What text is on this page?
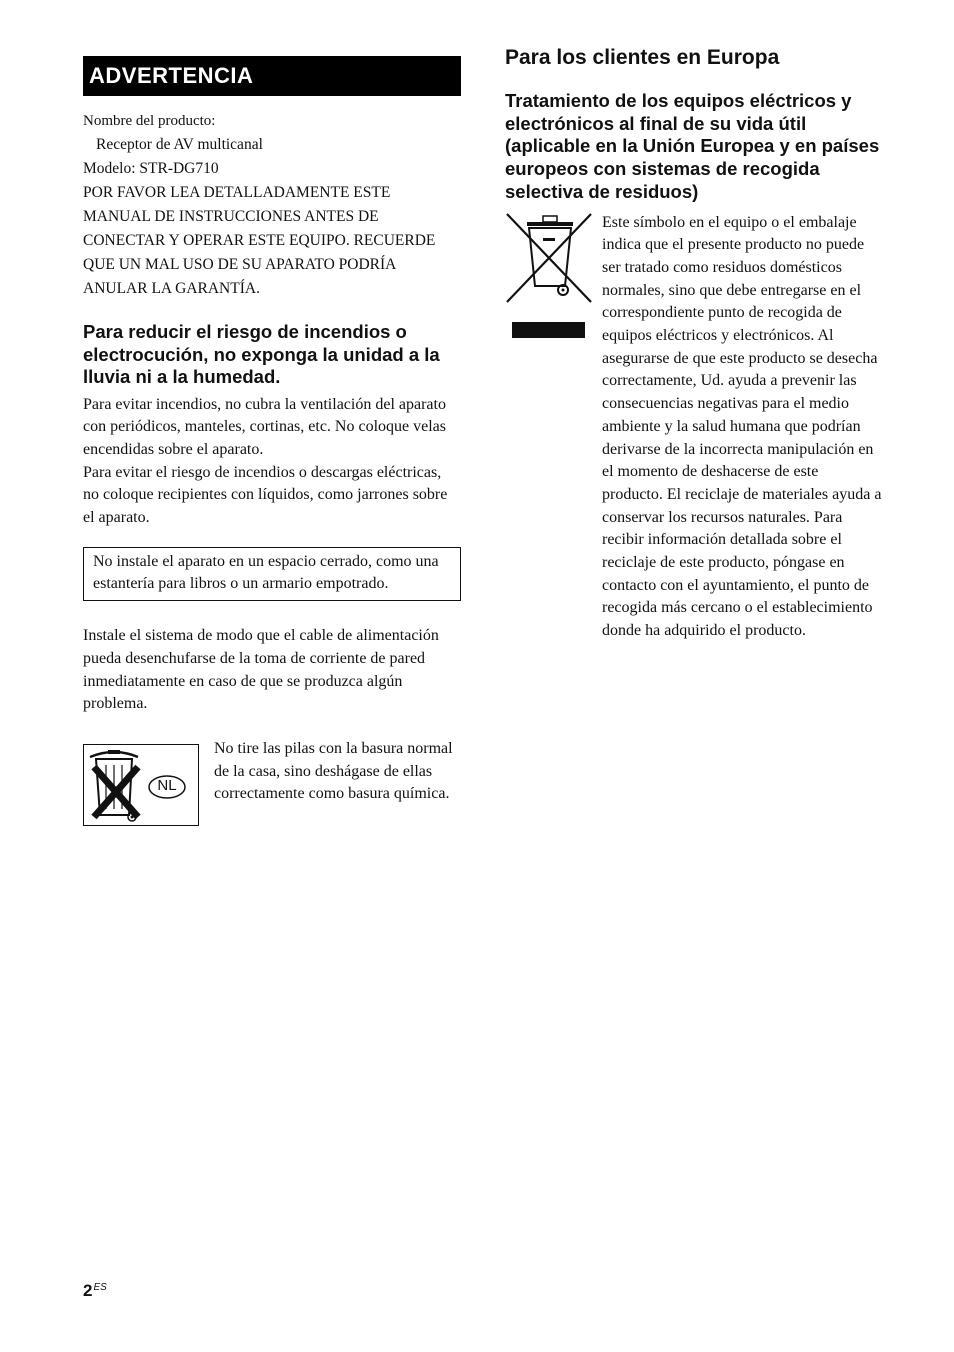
ADVERTENCIA
Nombre del producto:
Receptor de AV multicanal
Modelo: STR-DG710
POR FAVOR LEA DETALLADAMENTE ESTE MANUAL DE INSTRUCCIONES ANTES DE CONECTAR Y OPERAR ESTE EQUIPO. RECUERDE QUE UN MAL USO DE SU APARATO PODRÍA ANULAR LA GARANTÍA.
Para reducir el riesgo de incendios o electrocución, no exponga la unidad a la lluvia ni a la humedad.

Para evitar incendios, no cubra la ventilación del aparato con periódicos, manteles, cortinas, etc. No coloque velas encendidas sobre el aparato.

Para evitar el riesgo de incendios o descargas eléctricas, no coloque recipientes con líquidos, como jarrones sobre el aparato.

No instale el aparato en un espacio cerrado, como una estantería para libros o un armario empotrado.

Instale el sistema de modo que el cable de alimentación pueda desenchufarse de la toma de corriente de pared inmediatamente en caso de que se produzca algún problema.

NL
No tire las pilas con la basura normal de la casa, sino deshágase de ellas correctamente como basura química.
Para los clientes en Europa
Tratamiento de los equipos eléctricos y electrónicos al final de su vida útil (aplicable en la Unión Europea y en países europeos con sistemas de recogida selectiva de residuos)
Este símbolo en el equipo o el embalaje indica que el presente producto no puede ser tratado como residuos domésticos normales, sino que debe entregarse en el correspondiente punto de recogida de equipos eléctricos y electrónicos. Al asegurarse de que este producto se desecha correctamente, Ud. ayuda a prevenir las consecuencias negativas para el medio ambiente y la salud humana que podrían derivarse de la incorrecta manipulación en el momento de deshacerse de este producto. El reciclaje de materiales ayuda a conservar los recursos naturales. Para recibir información detallada sobre el reciclaje de este producto, póngase en contacto con el ayuntamiento, el punto de recogida más cercano o el establecimiento donde ha adquirido el producto.
$2^{ES}$
